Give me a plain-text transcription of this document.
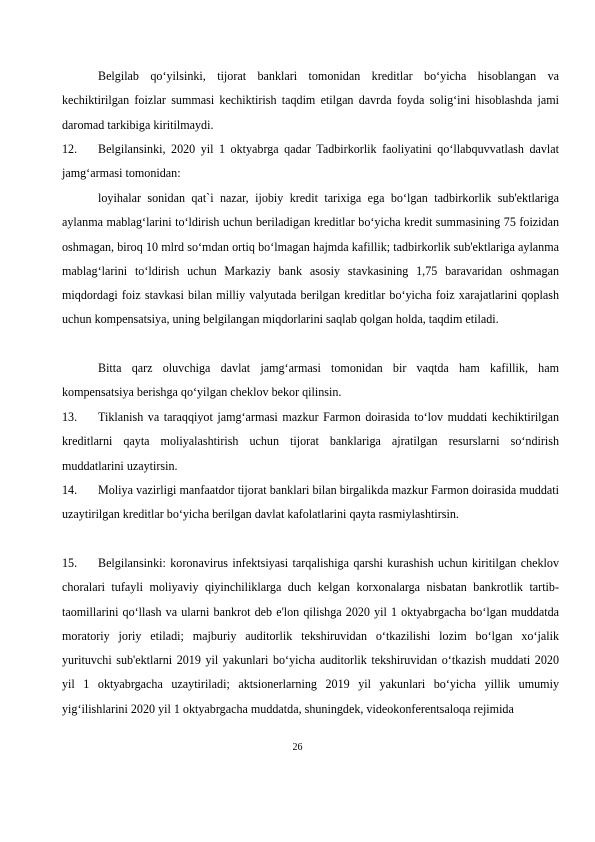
Belgilab qo‘yilsinki, tijorat banklari tomonidan kreditlar bo‘yicha hisoblangan va kechiktirilgan foizlar summasi kechiktirish taqdim etilgan davrda foyda solig‘ini hisoblashda jami daromad tarkibiga kiritilmaydi.

12. Belgilansinki, 2020 yil 1 oktyabrga qadar Tadbirkorlik faoliyatini qo‘llabquvvatlash davlat jamg‘armasi tomonidan:

loyihalar sonidan qat`i nazar, ijobiy kredit tarixiga ega bo‘lgan tadbirkorlik sub'ektlariga aylanma mablag‘larini to‘ldirish uchun beriladigan kreditlar bo‘yicha kredit summasining 75 foizidan oshmagan, biroq 10 mlrd so‘mdan ortiq bo‘lmagan hajmda kafillik; tadbirkorlik sub'ektlariga aylanma mablag‘larini to‘ldirish uchun Markaziy bank asosiy stavkasining 1,75 baravaridan oshmagan miqdordagi foiz stavkasi bilan milliy valyutada berilgan kreditlar bo‘yicha foiz xarajatlarini qoplash uchun kompensatsiya, uning belgilangan miqdorlarini saqlab qolgan holda, taqdim etiladi.

Bitta qarz oluvchiga davlat jamg‘armasi tomonidan bir vaqtda ham kafillik, ham kompensatsiya berishga qo‘yilgan cheklov bekor qilinsin.

13. Tiklanish va taraqqiyot jamg‘armasi mazkur Farmon doirasida to‘lov muddati kechiktirilgan kreditlarni qayta moliyalashtirish uchun tijorat banklariga ajratilgan resurslarni so‘ndirish muddatlarini uzaytirsin.

14. Moliya vazirligi manfaatdor tijorat banklari bilan birgalikda mazkur Farmon doirasida muddati uzaytirilgan kreditlar bo‘yicha berilgan davlat kafolatlarini qayta rasmiylashtirsin.

15. Belgilansinki: koronavirus infektsiyasi tarqalishiga qarshi kurashish uchun kiritilgan cheklov choralari tufayli moliyaviy qiyinchiliklarga duch kelgan korxonalarga nisbatan bankrotlik tartib-taomillarini qo‘llash va ularni bankrot deb e'lon qilishga 2020 yil 1 oktyabrgacha bo‘lgan muddatda moratoriy joriy etiladi; majburiy auditorlik tekshiruvidan o‘tkazilishi lozim bo‘lgan xo‘jalik yurituvchi sub'ektlarni 2019 yil yakunlari bo‘yicha auditorlik tekshiruvidan o‘tkazish muddati 2020 yil 1 oktyabrgacha uzaytiriladi; aktsionerlarning 2019 yil yakunlari bo‘yicha yillik umumiy yig‘ilishlarini 2020 yil 1 oktyabrgacha muddatda, shuningdek, videokonferentsaloqa rejimida

26
